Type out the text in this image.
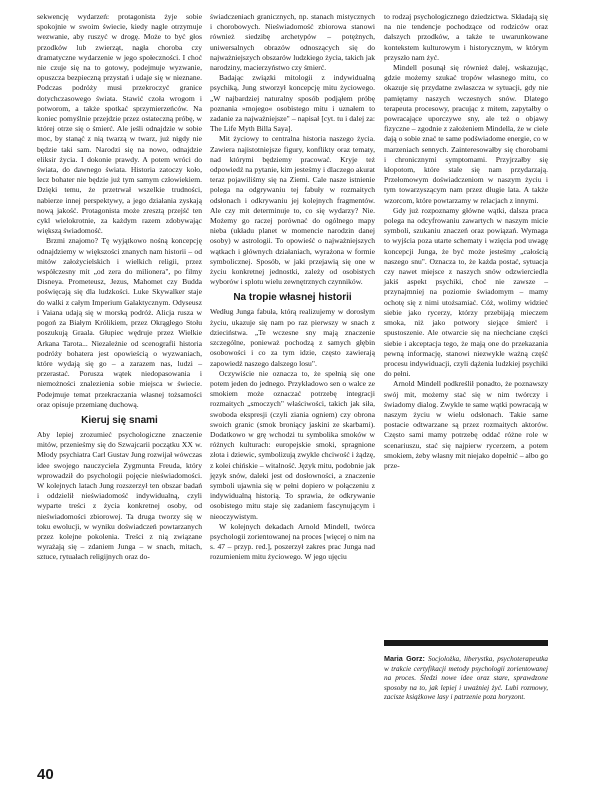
sekwencję wydarzeń: protagonista żyje sobie spokojnie w swoim świecie, kiedy nagle otrzymuje wezwanie, aby ruszyć w drogę. Może to być głos przodków lub zwierząt, nagła choroba czy dramatyczne wydarzenie w jego społeczności. I choć nie czuje się na to gotowy, podejmuje wyzwanie, opuszcza bezpieczną przystań i udaje się w nieznane. Podczas podróży musi przekroczyć granice dotychczasowego świata. Stawić czoła wrogom i potworom, a także spotkać sprzymierzeńców. Na koniec pomyślnie przejdzie przez ostateczną próbę, w której otrze się o śmierć. Ale jeśli odnajdzie w sobie moc, by stanąć z nią twarzą w twarz, już nigdy nie będzie taki sam. Narodzi się na nowo, odnajdzie eliksir życia. I dokonie prawdy. A potem wróci do świata, do dawnego świata. Historia zatoczy koło, lecz bohater nie będzie już tym samym człowiekiem. Dzięki temu, że przetrwał wszelkie trudności, nabierze innej perspektywy, a jego działania zyskają nową jakość. Protagonista może zresztą przejść ten cykl wielokrotnie, za każdym razem zdobywając większą świadomość.

Brzmi znajomo? Tę wyjątkowo nośną koncepcję odnajdziemy w większości znanych nam historii – od mitów założycielskich i wielkich religii, przez współczesny mit „od zera do milionera", po filmy Disneya. Prometeusz, Jezus, Mahomet czy Budda poświęcają się dla ludzkości. Luke Skywalker staje do walki z całym Imperium Galaktycznym. Odyseusz i Vaiana udają się w morską podróż. Alicja rusza w pogoń za Białym Królikiem, przez Okrągłego Stołu poszukują Graala. Głupiec wędruje przez Wielkie Arkana Tarota... Niezależnie od scenografii historia podróży bohatera jest opowieścią o wyzwaniach, które wydają się go – a zarazem nas, ludzi – przerastać. Porusza wątek niedopasowania i niemożności znalezienia sobie miejsca w świecie. Podejmuje temat przekraczania własnej tożsamości oraz opisuje przemianę duchową.

Kieruj się snami

Aby lepiej zrozumieć psychologiczne znaczenie mitów, przenieśmy się do Szwajcarii początku XX w. Młody psychiatra Carl Gustav Jung rozwijał wówczas idee swojego nauczyciela Zygmunta Freuda, który wprowadził do psychologii pojęcie nieświadomości. W kolejnych latach Jung rozszerzył ten obszar badań i oddzielił nieświadomość indywidualną, czyli wyparte treści z życia konkretnej osoby, od nieświadomości zbiorowej. Ta druga tworzy się w toku ewolucji, w wyniku doświadczeń powtarzanych przez kolejne pokolenia. Treści z nią związane wyrażają się – zdaniem Junga – w snach, mitach, sztuce, rytuałach religijnych oraz do-

świadczeniach granicznych, np. stanach mistycznych i chorobowych. Nieświadomość zbiorowa stanowi również siedzibę archetypów – potężnych, uniwersalnych obrazów odnoszących się do najważniejszych obszarów ludzkiego życia, takich jak narodziny, macierzyństwo czy śmierć.

Badając związki mitologii z indywidualną psychiką, Jung stworzył koncepcję mitu życiowego. „W najbardziej naturalny sposób podjąłem próbę poznania »mojego« osobistego mitu i uznałem to zadanie za najważniejsze" – napisał [cyt. tu i dalej za: The Life Myth Billa Saya].

Mit życiowy to centralna historia naszego życia. Zawiera najistotniejsze figury, konflikty oraz tematy, nad którymi będziemy pracować. Kryje też odpowiedź na pytanie, kim jesteśmy i dlaczego akurat teraz pojawiliśmy się na Ziemi. Cale nasze istnienie polega na odgrywaniu tej fabuły w rozmaitych odsłonach i odkrywaniu jej kolejnych fragmentów. Ale czy mit determinuje to, co się wydarzy? Nie. Możemy go raczej porównać do ogólnego mapy nieba (układu planet w momencie narodzin danej osoby) w astrologii. To opowieść o najważniejszych wątkach i głównych działaniach, wyrażona w formie symbolicznej. Sposób, w jaki przejawią się one w życiu konkretnej jednostki, zależy od osobistych wyborów i splotu wielu zewnętrznych czynników.

Na tropie własnej historii

Według Junga fabuła, którą realizujemy w dorosłym życiu, ukazuje się nam po raz pierwszy w snach z dzieciństwa. „Te wczesne sny mają znaczenie szczególne, ponieważ pochodzą z samych głębin osobowości i co za tym idzie, często zawierają zapowiedź naszego dalszego losu".

Oczywiście nie oznacza to, że spełnią się one potem jeden do jednego. Przykładowo sen o walce ze smokiem może oznaczać potrzebę integracji rozmaitych „smoczych" właściwości, takich jak siła, swoboda ekspresji (czyli ziania ogniem) czy obrona swoich granic (smok broniący jaskini ze skarbami). Dodatkowo w grę wchodzi tu symbolika smoków w różnych kulturach: europejskie smoki, spragnione złota i dziewic, symbolizują zwykle chciwość i żądzę, z kolei chińskie – witalność. Język mitu, podobnie jak język snów, daleki jest od dosłowności, a znaczenie symboli ujawnia się w pełni dopiero w połączeniu z indywidualną historią. To sprawia, że odkrywanie osobistego mitu staje się zadaniem fascynującym i nieoczywistym.

W kolejnych dekadach Arnold Mindell, twórca psychologii zorientowanej na proces [więcej o nim na s. 47 – przyp. red.], poszerzył zakres prac Junga nad rozumieniem mitu życiowego. W jego ujęciu

to rodzaj psychologicznego dziedzictwa. Składają się na nie tendencje pochodzące od rodziców oraz dalszych przodków, a także te uwarunkowane kontekstem kulturowym i historycznym, w którym przyszło nam żyć.

Mindell posunął się również dalej, wskazując, gdzie możemy szukać tropów własnego mitu, co okazuje się przydatne zwłaszcza w sytuacji, gdy nie pamiętamy naszych wczesnych snów. Dlatego terapeuta procesowy, pracując z mitem, zapytałby o powracające uporczywe sny, ale też o objawy fizyczne – zgodnie z założeniem Mindella, że w ciele dają o sobie znać te same podświadome energie, co w marzeniach sennych. Zainteresowałby się chorobami i chronicznymi symptomami. Przyjrzałby się kłopotom, które stale się nam przydarzają. Przełomowym doświadczeniom w naszym życiu i tym towarzyszącym nam przez długie lata. A także wzorcom, które powtarzamy w relacjach z innymi.

Gdy już rozpoznamy główne wątki, dalsza praca polega na odcyfrowaniu zawartych w naszym micie symboli, szukaniu znaczeń oraz powiązań. Wymaga to wyjścia poza utarte schematy i wzięcia pod uwagę koncepcji Junga, że być może jesteśmy „całością naszego snu". Oznacza to, że każda postać, sytuacja czy nawet miejsce z naszych snów odzwierciedla jakiś aspekt psychiki, choć nie zawsze – przynajmniej na poziomie świadomym – mamy ochotę się z nimi utożsamiać. Cóż, wolimy widzieć siebie jako rycerzy, którzy przebijają mieczem smoka, niż jako potwory siejące śmierć i spustoszenie. Ale otwarcie się na niechciane części siebie i akceptacja tego, że mają one do przekazania pewną informację, stanowi niezwykle ważną część procesu indywiduacji, czyli dążenia ludzkiej psychiki do pełni.

Arnold Mindell podkreślił ponadto, że poznawszy swój mit, możemy stać się w nim twórczy i świadomy dialog. Zwykle te same wątki powracają w naszym życiu w wielu odsłonach. Takie same postacie odtwarzane są przez rozmaitych aktorów. Często sami mamy potrzebę oddać różne role w scenariuszu, stać się najpierw rycerzem, a potem smokiem, żeby własny mit niejako dopełnić – albo go prze-

Maria Gorz: Socjolożka, liberystka, psychoterapeutka w trakcie certyfikacji metody psychologii zorientowanej na proces. Śledzi nowe idee oraz stare, sprawdzone sposoby na to, jak lepiej i uważniej żyć. Lubi rozmowy, zacisze książkowe lasy i patrzenie poza horyzont.
40
